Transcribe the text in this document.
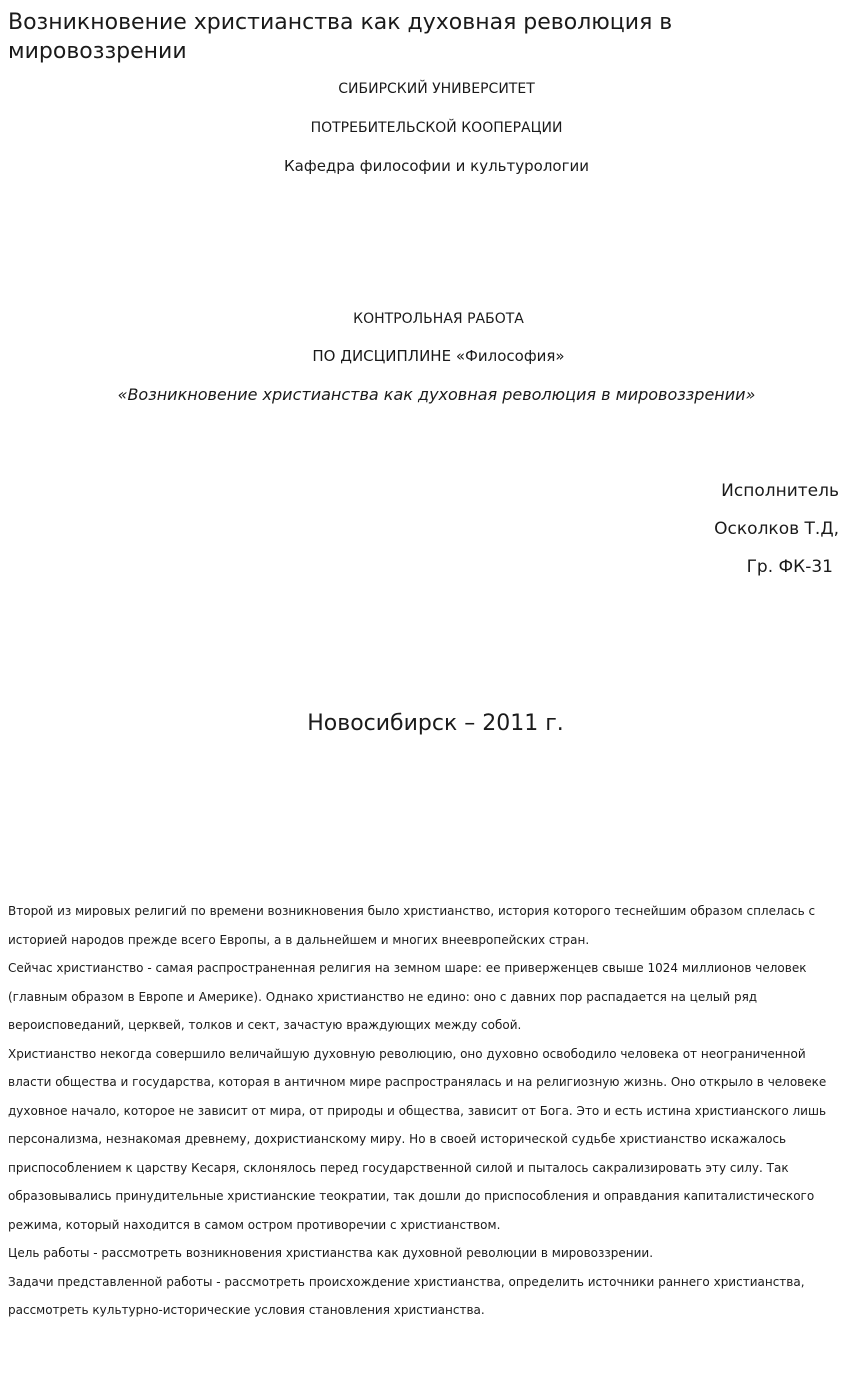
Возникновение христианства как духовная революция в мировоззрении
СИБИРСКИЙ УНИВЕРСИТЕТ
ПОТРЕБИТЕЛЬСКОЙ КООПЕРАЦИИ
Кафедра философии и культурологии
КОНТРОЛЬНАЯ РАБОТА
ПО ДИСЦИПЛИНЕ «Философия»
«Возникновение христианства как духовная революция в мировоззрении»
Исполнитель
Осколков Т.Д,
Гр. ФК-31
Новосибирск – 2011 г.

Второй из мировых религий по времени возникновения было христианство, история которого теснейшим образом сплелась с историей народов прежде всего Европы, а в дальнейшем и многих внеевропейских стран.

Сейчас христианство - самая распространенная религия на земном шаре: ее приверженцев свыше 1024 миллионов человек (главным образом в Европе и Америке). Однако христианство не едино: оно с давних пор распадается на целый ряд вероисповеданий, церквей, толков и сект, зачастую враждующих между собой.

Христианство некогда совершило величайшую духовную революцию, оно духовно освободило человека от неограниченной власти общества и государства, которая в античном мире распространялась и на религиозную жизнь. Оно открыло в человеке духовное начало, которое не зависит от мира, от природы и общества, зависит от Бога. Это и есть истина христианского лишь персонализма, незнакомая древнему, дохристианскому миру. Но в своей исторической судьбе христианство искажалось приспособлением к царству Кесаря, склонялось перед государственной силой и пыталось сакрализировать эту силу. Так образовывались принудительные христианские теократии, так дошли до приспособления и оправдания капиталистического режима, который находится в самом остром противоречии с христианством.

Цель работы - рассмотреть возникновения христианства как духовной революции в мировоззрении.

Задачи представленной работы - рассмотреть происхождение христианства, определить источники раннего христианства, рассмотреть культурно-исторические условия становления христианства.
